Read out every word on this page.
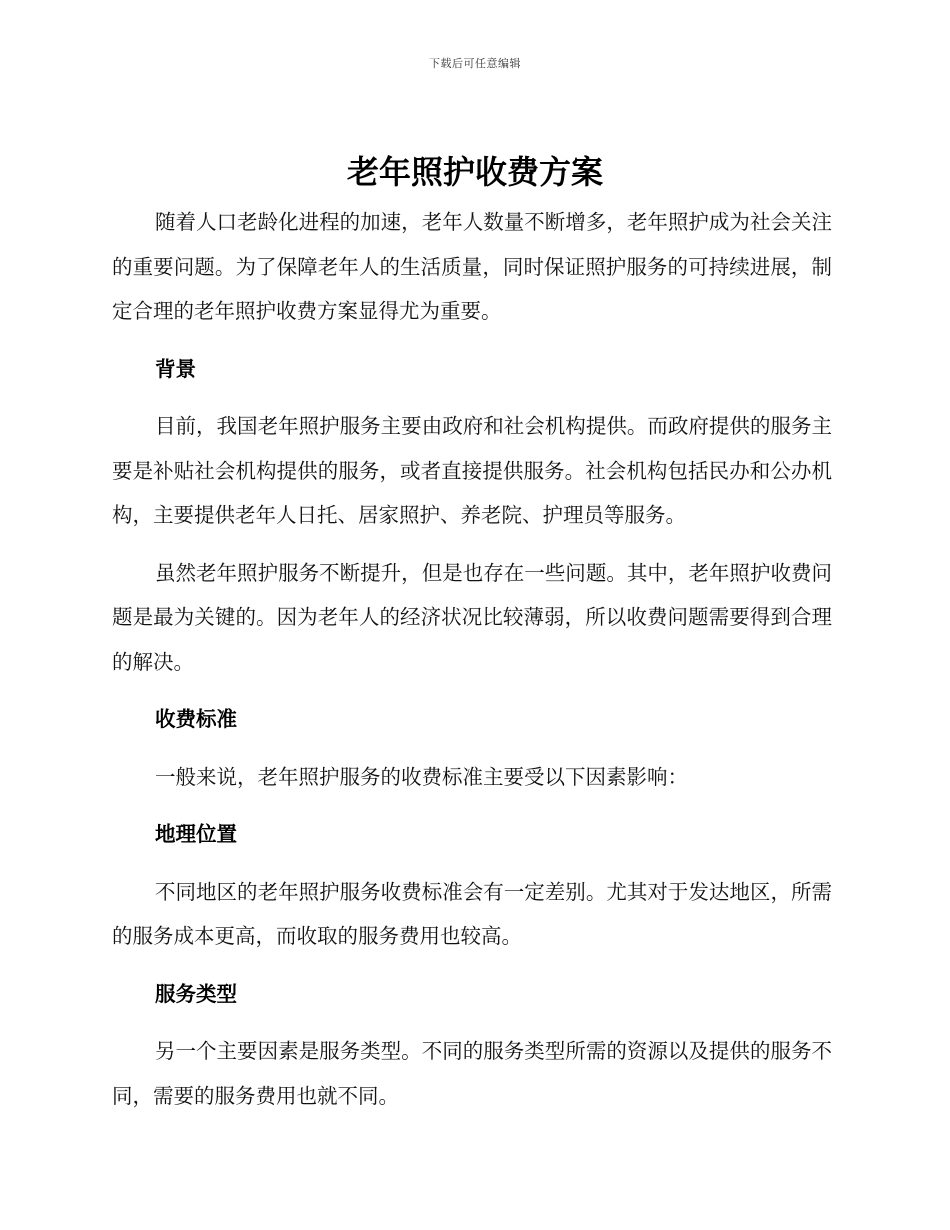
下载后可任意编辑
老年照护收费方案

随着人口老龄化进程的加速，老年人数量不断增多，老年照护成为社会关注的重要问题。为了保障老年人的生活质量，同时保证照护服务的可持续进展，制定合理的老年照护收费方案显得尤为重要。

背景

目前，我国老年照护服务主要由政府和社会机构提供。而政府提供的服务主要是补贴社会机构提供的服务，或者直接提供服务。社会机构包括民办和公办机构，主要提供老年人日托、居家照护、养老院、护理员等服务。

虽然老年照护服务不断提升，但是也存在一些问题。其中，老年照护收费问题是最为关键的。因为老年人的经济状况比较薄弱，所以收费问题需要得到合理的解决。

收费标准

一般来说，老年照护服务的收费标准主要受以下因素影响：

地理位置

不同地区的老年照护服务收费标准会有一定差别。尤其对于发达地区，所需的服务成本更高，而收取的服务费用也较高。

服务类型

另一个主要因素是服务类型。不同的服务类型所需的资源以及提供的服务不同，需要的服务费用也就不同。
